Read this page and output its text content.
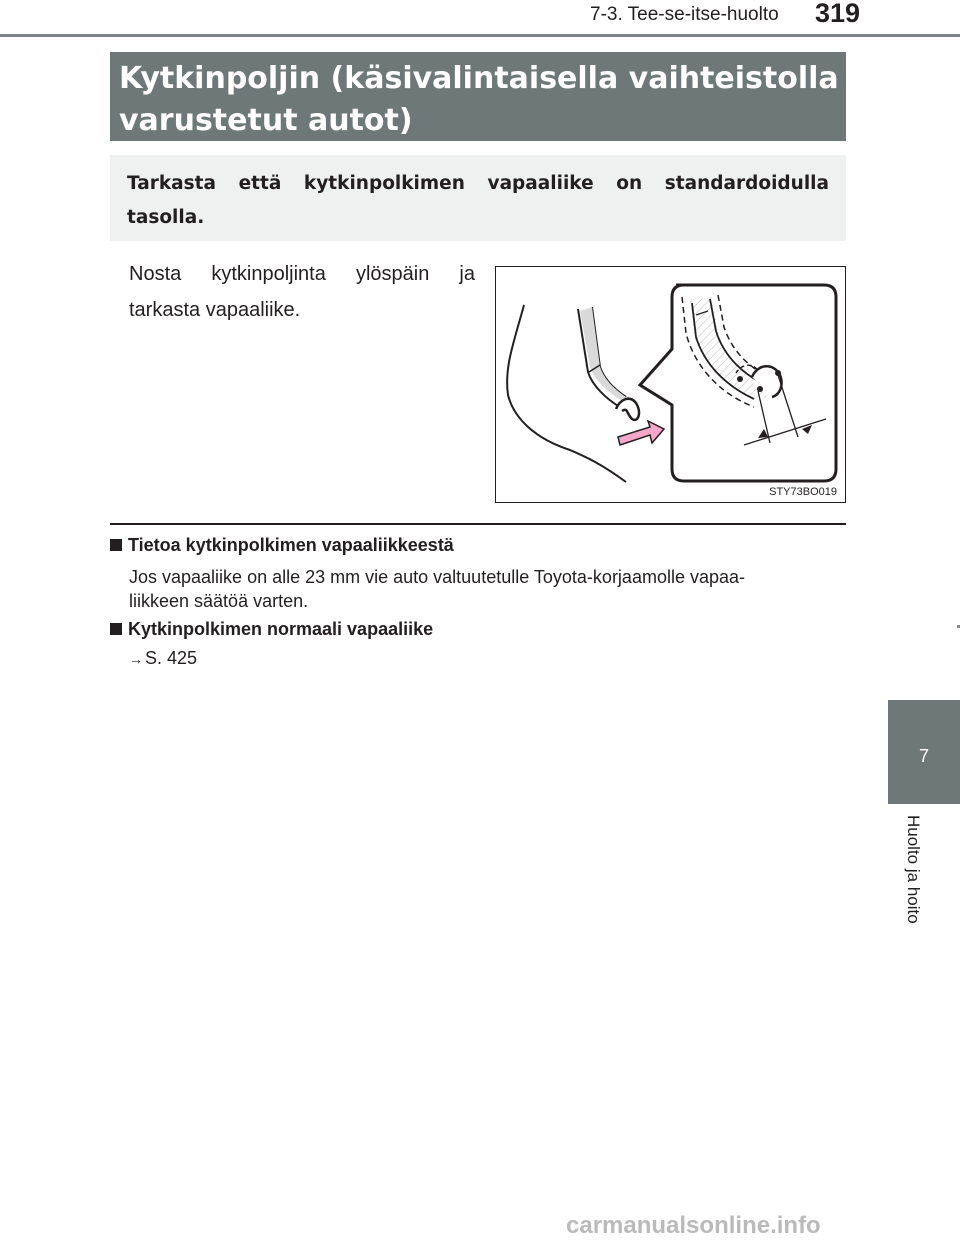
7-3. Tee-se-itse-huolto 319
7
Huolto ja hoito
Kytkinpoljin (käsivalintaisella vaihteistolla
varustetut autot)
Tarkasta että kytkinpolkimen vapaaliike on standardoidulla
tasolla.
Nosta kytkinpoljinta ylöspäin ja
tarkasta vapaaliike.
STY73BO019
Tietoa kytkinpolkimen vapaaliikkeestä
Jos vapaaliike on alle 23 mm vie auto valtuutetulle Toyota-korjaamolle vapaa-
liikkeen säätöä varten.
Kytkinpolkimen normaali vapaaliike
→ S. 425
carmanualsonline.info
